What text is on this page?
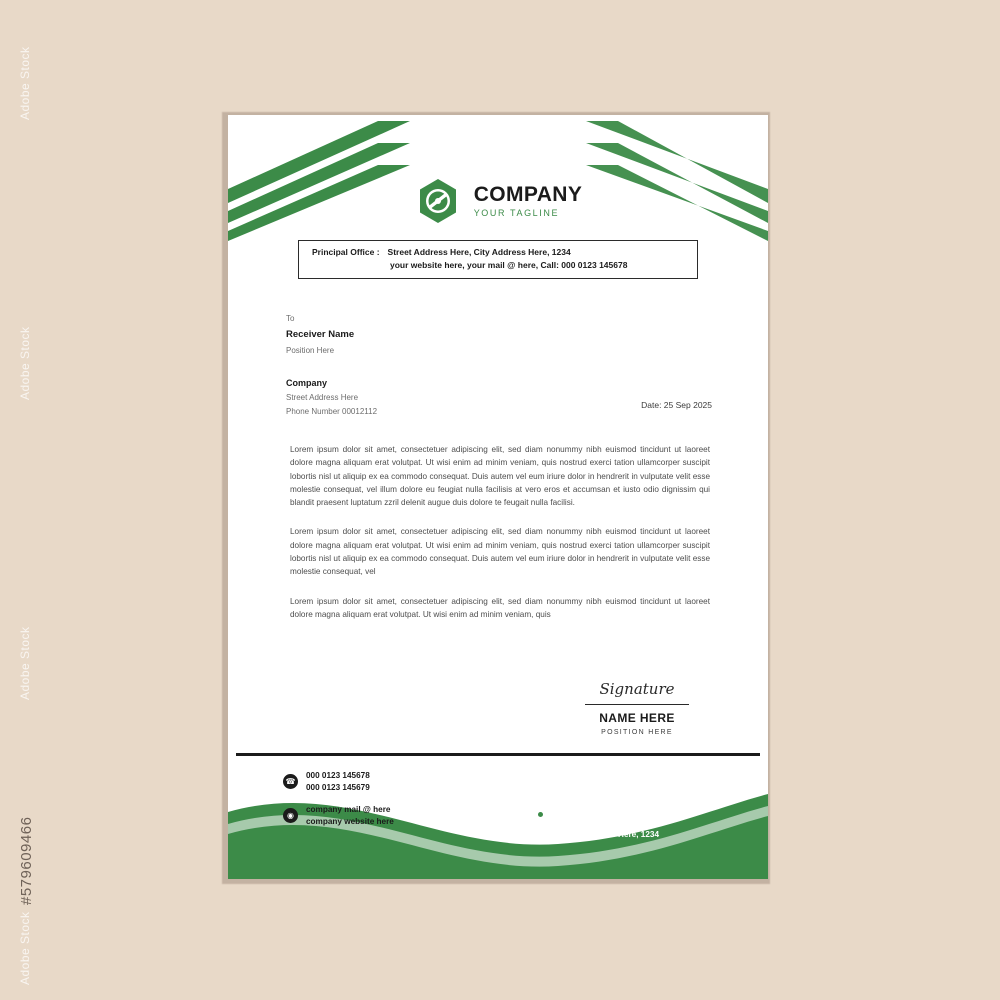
Adobe Stock
Adobe Stock
Adobe Stock
Adobe Stock
#579609466
COMPANY
YOUR TAGLINE
Principal Office : Street Address Here, City Address Here, 1234
your website here, your mail @ here, Call: 000 0123 145678
To
Receiver Name
Position Here
Company
Street Address Here
Phone Number 00012112
Date: 25 Sep 2025

Lorem ipsum dolor sit amet, consectetuer adipiscing elit, sed diam nonummy nibh euismod tincidunt ut laoreet dolore magna aliquam erat volutpat. Ut wisi enim ad minim veniam, quis nostrud exerci tation ullamcorper suscipit lobortis nisl ut aliquip ex ea commodo consequat. Duis autem vel eum iriure dolor in hendrerit in vulputate velit esse molestie consequat, vel illum dolore eu feugiat nulla facilisis at vero eros et accumsan et iusto odio dignissim qui blandit praesent luptatum zzril delenit augue duis dolore te feugait nulla facilisi.

Lorem ipsum dolor sit amet, consectetuer adipiscing elit, sed diam nonummy nibh euismod tincidunt ut laoreet dolore magna aliquam erat volutpat. Ut wisi enim ad minim veniam, quis nostrud exerci tation ullamcorper suscipit lobortis nisl ut aliquip ex ea commodo consequat. Duis autem vel eum iriure dolor in hendrerit in vulputate velit esse molestie consequat, vel

Lorem ipsum dolor sit amet, consectetuer adipiscing elit, sed diam nonummy nibh euismod tincidunt ut laoreet dolore magna aliquam erat volutpat. Ut wisi enim ad minim veniam, quis

Signature
NAME HERE
POSITION HERE
☎
000 0123 145678
000 0123 145679
◉
company mail @ here
company website here
Street Address Here
City Address Here
Lorem Address Here, 1234
